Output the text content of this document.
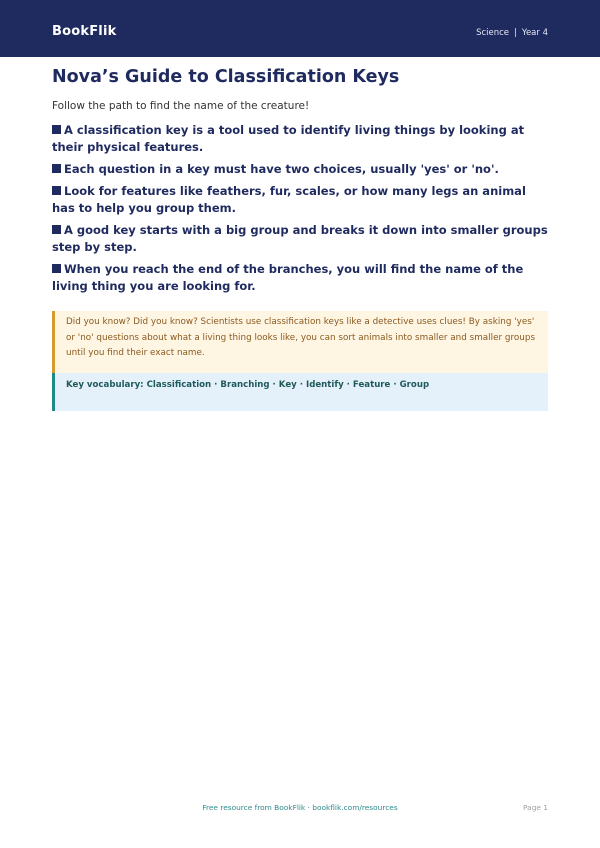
BookFlik	Science | Year 4
Nova’s Guide to Classification Keys

Follow the path to find the name of the creature!

A classification key is a tool used to identify living things by looking at their physical features.
Each question in a key must have two choices, usually 'yes' or 'no'.
Look for features like feathers, fur, scales, or how many legs an animal has to help you group them.
A good key starts with a big group and breaks it down into smaller groups step by step.
When you reach the end of the branches, you will find the name of the living thing you are looking for.

Did you know? Did you know? Scientists use classification keys like a detective uses clues! By asking 'yes' or 'no' questions about what a living thing looks like, you can sort animals into smaller and smaller groups until you find their exact name.

Key vocabulary: Classification · Branching · Key · Identify · Feature · Group

Free resource from BookFlik · bookflik.com/resources	Page 1
